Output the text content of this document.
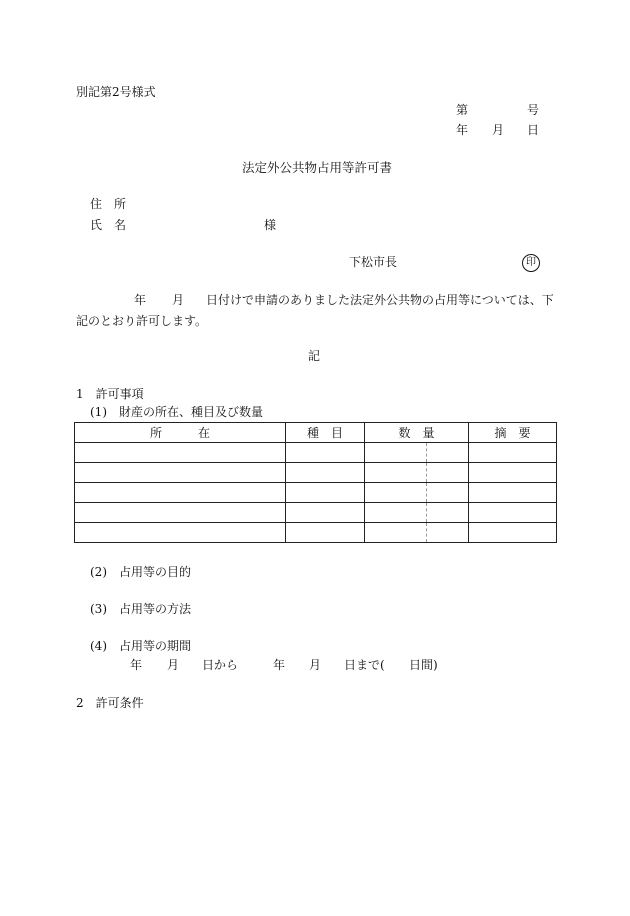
別記第2号様式
第	号
年 月 日
法定外公共物占用等許可書
住　所
氏　名	様
下松市長	印
年 月 日付けで申請のありました法定外公共物の占用等については、下
記のとおり許可します。
記
1　許可事項
(1)　財産の所在、種目及び数量
所　　　在	種　目	数　量		摘　要

(2)　占用等の目的
(3)　占用等の方法
(4)　占用等の期間
年 月 日から	年 月 日まで( 日間)
2　許可条件
